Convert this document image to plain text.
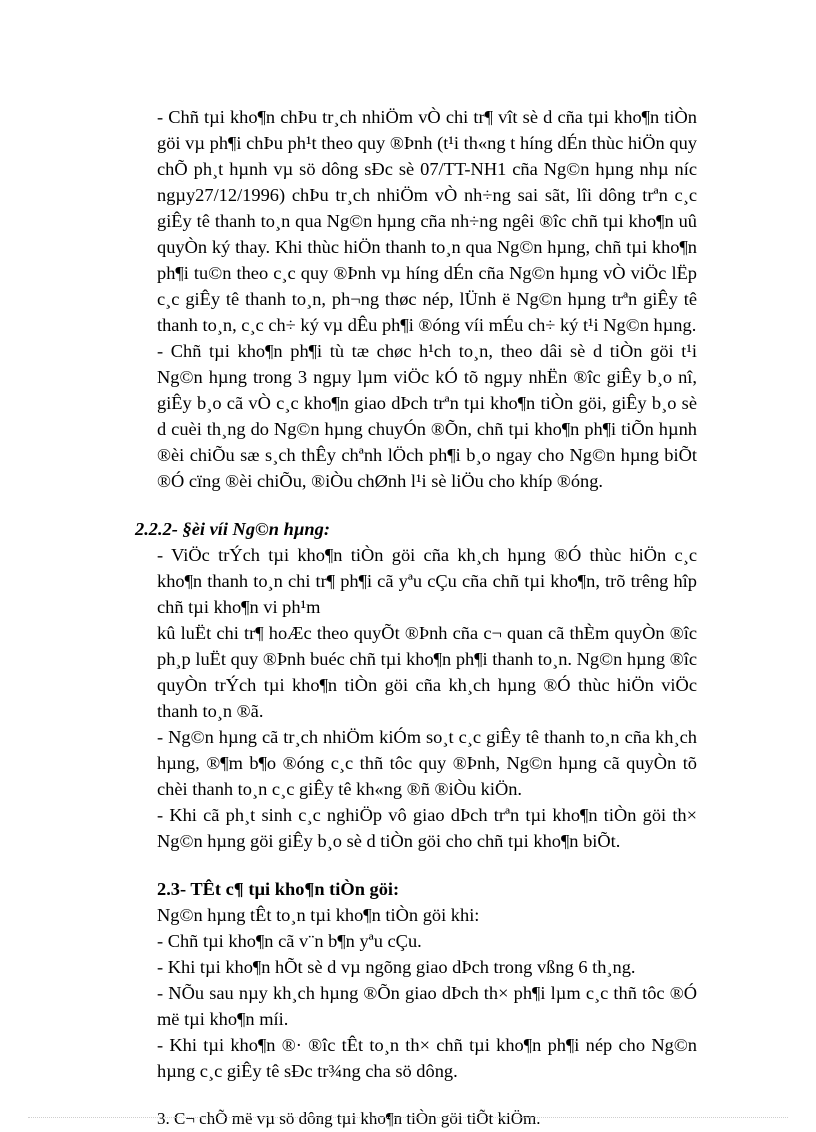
- Chñ tµi kho¶n chÞu tr¸ch nhiÖm vÒ chi tr¶ vît sè d cña tµi kho¶n tiÒn göi vµ ph¶i chÞu ph¹t theo quy ®Þnh (t¹i th«ng t híng dÉn thùc hiÖn quy chÕ ph¸t hµnh vµ sö dông sÐc sè 07/TT-NH1 cña Ng©n hµng nhµ níc ngµy27/12/1996) chÞu tr¸ch nhiÖm vÒ nh÷ng sai sãt, lîi dông trªn c¸c giÊy tê thanh to¸n qua Ng©n hµng cña nh÷ng ngêi ®îc chñ tµi kho¶n uû quyÒn ký thay. Khi thùc hiÖn thanh to¸n qua Ng©n hµng, chñ tµi kho¶n ph¶i tu©n theo c¸c quy ®Þnh vµ híng dÉn cña Ng©n hµng vÒ viÖc lËp c¸c giÊy tê thanh to¸n, ph¬ng thøc nép, lÜnh ë Ng©n hµng trªn giÊy tê thanh to¸n, c¸c ch÷ ký vµ dÊu ph¶i ®óng víi mÉu ch÷ ký t¹i Ng©n hµng.

- Chñ tµi kho¶n ph¶i tù tæ chøc h¹ch to¸n, theo dâi sè d tiÒn göi t¹i Ng©n hµng trong 3 ngµy lµm viÖc kÓ tõ ngµy nhËn ®îc giÊy b¸o nî, giÊy b¸o cã vÒ c¸c kho¶n giao dÞch trªn tµi kho¶n tiÒn göi, giÊy b¸o sè d cuèi th¸ng do Ng©n hµng chuyÓn ®Õn, chñ tµi kho¶n ph¶i tiÕn hµnh ®èi chiÕu sæ s¸ch thÊy chªnh lÖch ph¶i b¸o ngay cho Ng©n hµng biÕt ®Ó cïng ®èi chiÕu, ®iÒu chØnh l¹i sè liÖu cho khíp ®óng.

2.2.2- §èi víi Ng©n hµng:

- ViÖc trÝch tµi kho¶n tiÒn göi cña kh¸ch hµng ®Ó thùc hiÖn c¸c kho¶n thanh to¸n chi tr¶ ph¶i cã yªu cÇu cña chñ tµi kho¶n, trõ trêng hîp chñ tµi kho¶n vi ph¹m

kû luËt chi tr¶ hoÆc theo quyÕt ®Þnh cña c¬ quan cã thÈm quyÒn ®îc ph¸p luËt quy ®Þnh buéc chñ tµi kho¶n ph¶i thanh to¸n. Ng©n hµng ®îc quyÒn trÝch tµi kho¶n tiÒn göi cña kh¸ch hµng ®Ó thùc hiÖn viÖc thanh to¸n ®ã.

- Ng©n hµng cã tr¸ch nhiÖm kiÓm so¸t c¸c giÊy tê thanh to¸n cña kh¸ch hµng, ®¶m b¶o ®óng c¸c thñ tôc quy ®Þnh, Ng©n hµng cã quyÒn tõ chèi thanh to¸n c¸c giÊy tê kh«ng ®ñ ®iÒu kiÖn.

- Khi cã ph¸t sinh c¸c nghiÖp vô giao dÞch trªn tµi kho¶n tiÒn göi th× Ng©n hµng göi giÊy b¸o sè d tiÒn göi cho chñ tµi kho¶n biÕt.

2.3- TÊt c¶ tµi kho¶n tiÒn göi:

Ng©n hµng tÊt to¸n tµi kho¶n tiÒn göi khi:

- Chñ tµi kho¶n cã v¨n b¶n yªu cÇu.

- Khi tµi kho¶n hÕt sè d vµ ngõng giao dÞch trong vßng 6 th¸ng.

- NÕu sau nµy kh¸ch hµng ®Õn giao dÞch th× ph¶i lµm c¸c thñ tôc ®Ó më tµi kho¶n míi.

- Khi tµi kho¶n ®· ®îc tÊt to¸n th× chñ tµi kho¶n ph¶i nép cho Ng©n hµng c¸c giÊy tê sÐc tr¾ng cha sö dông.

3. C¬ chÕ më vµ sö dông tµi kho¶n tiÒn göi tiÕt kiÖm.
